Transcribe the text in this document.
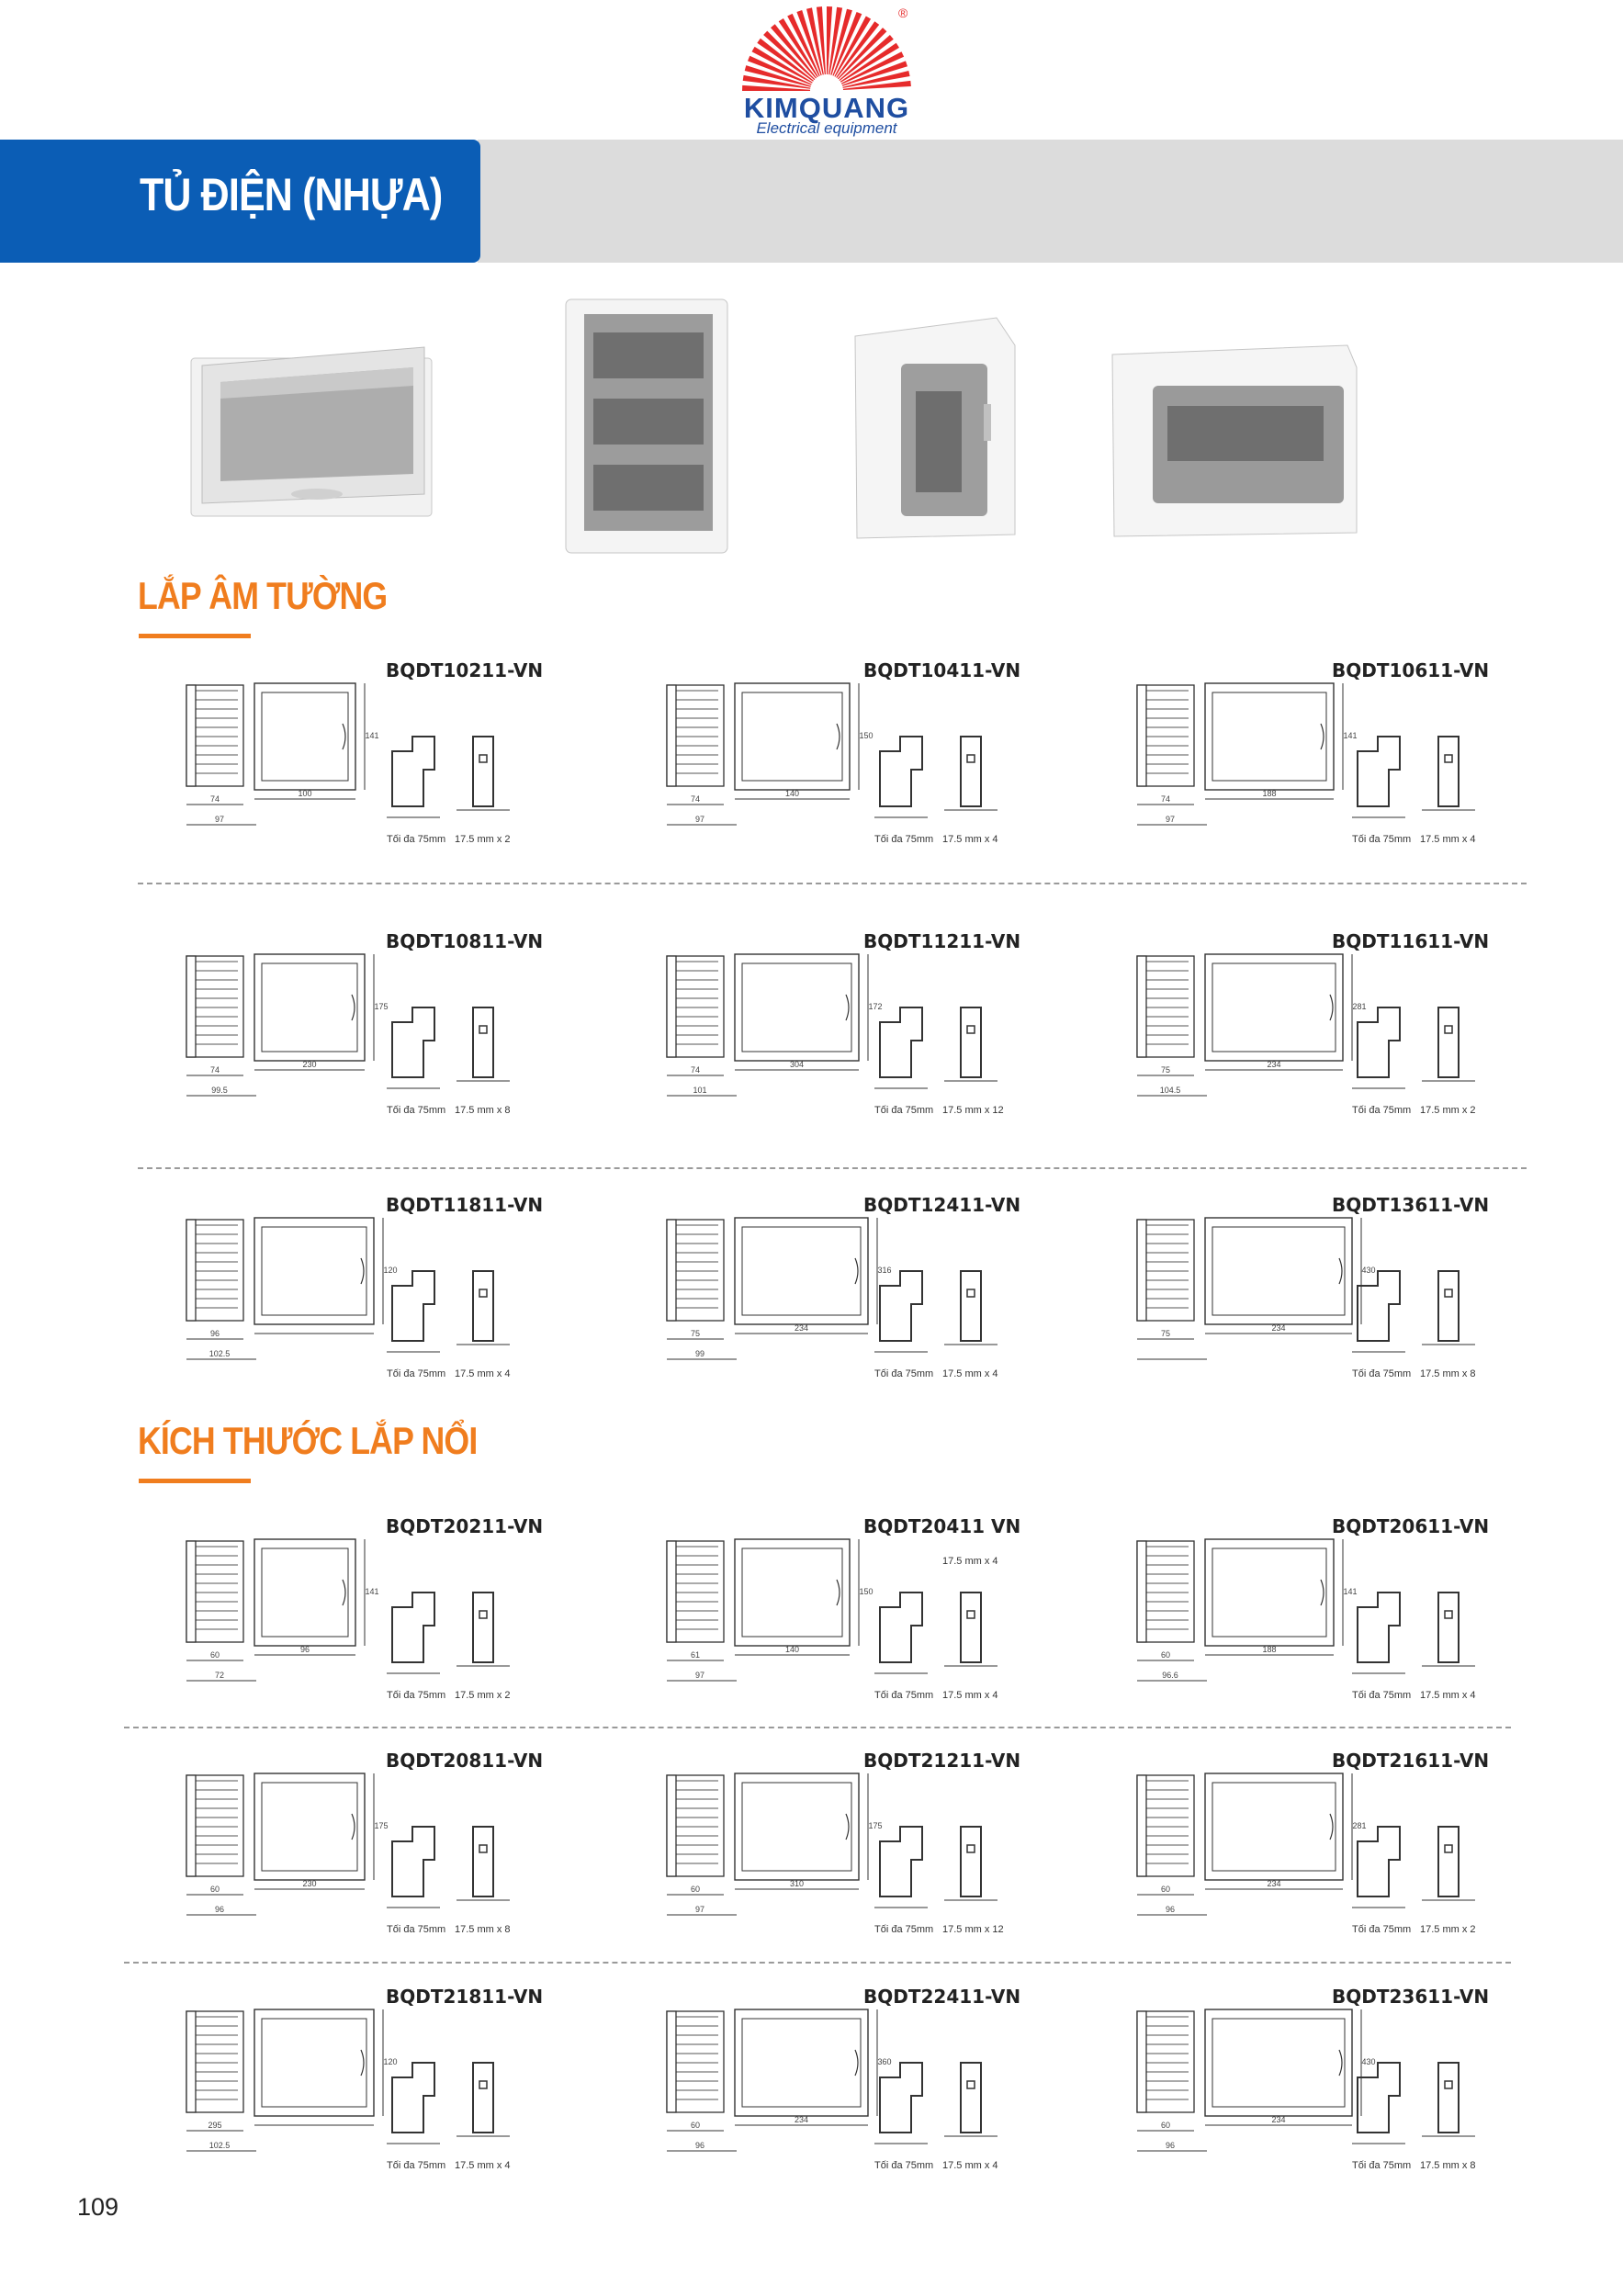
®
KIMQUANG
Electrical equipment
TỦ ĐIỆN (NHỰA)
LẮP ÂM TƯỜNG
KÍCH THƯỚC LẮP NỔI
BQDT10211-VN
74
97
100
141
Tối đa 75mm 17.5 mm x 2
BQDT10411-VN
74
97
140
150
Tối đa 75mm 17.5 mm x 4
BQDT10611-VN
74
97
188
141
Tối đa 75mm 17.5 mm x 4
BQDT10811-VN
74
99.5
230
175
Tối đa 75mm 17.5 mm x 8
BQDT11211-VN
74
101
304
172
Tối đa 75mm 17.5 mm x 12
BQDT11611-VN
75
104.5
234
281
Tối đa 75mm 17.5 mm x 2
BQDT11811-VN
96
102.5
120
Tối đa 75mm 17.5 mm x 4
BQDT12411-VN
75
99
234
316
Tối đa 75mm 17.5 mm x 4
BQDT13611-VN
75
234
430
Tối đa 75mm 17.5 mm x 8
BQDT20211-VN
60
72
96
141
Tối đa 75mm 17.5 mm x 2
BQDT20411 VN
61
97
140
150
Tối đa 75mm 17.5 mm x 4
17.5 mm x 4
BQDT20611-VN
60
96.6
188
141
Tối đa 75mm 17.5 mm x 4
BQDT20811-VN
60
96
230
175
Tối đa 75mm 17.5 mm x 8
BQDT21211-VN
60
97
310
175
Tối đa 75mm 17.5 mm x 12
BQDT21611-VN
60
96
234
281
Tối đa 75mm 17.5 mm x 2
BQDT21811-VN
295
102.5
120
Tối đa 75mm 17.5 mm x 4
BQDT22411-VN
60
96
234
360
Tối đa 75mm 17.5 mm x 4
BQDT23611-VN
60
96
234
430
Tối đa 75mm 17.5 mm x 8
109
